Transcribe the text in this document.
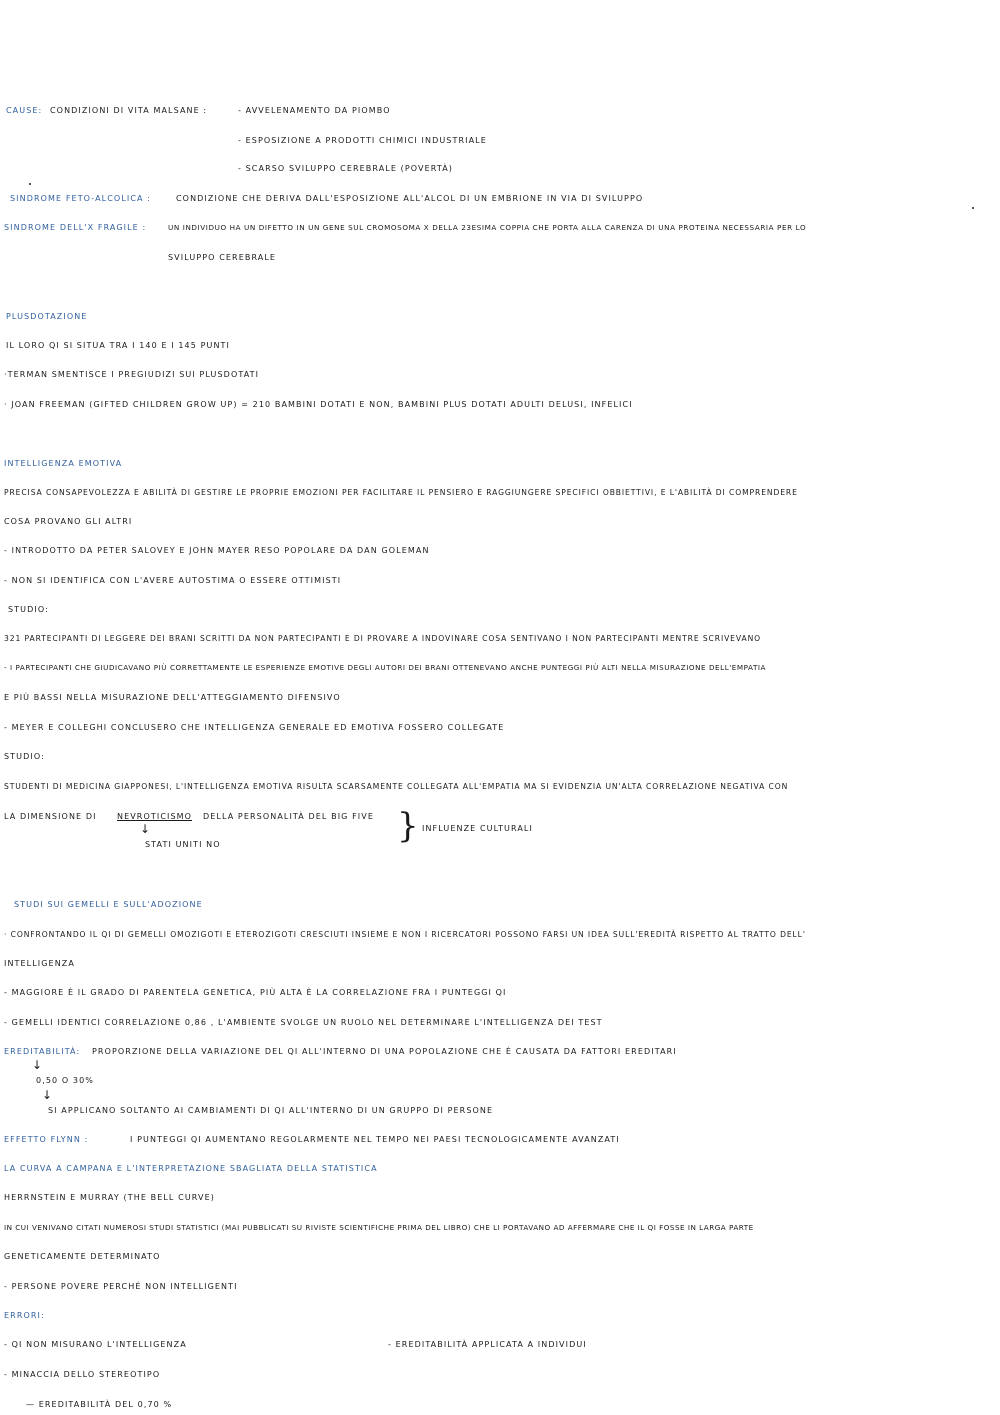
CAUSE: CONDIZIONI DI VITA MALSANE :	- AVVELENAMENTO DA PIOMBO
- ESPOSIZIONE A PRODOTTI CHIMICI INDUSTRIALE
- SCARSO SVILUPPO CEREBRALE (POVERTÀ)
SINDROME FETO-ALCOLICA :	CONDIZIONE CHE DERIVA DALL'ESPOSIZIONE ALL'ALCOL DI UN EMBRIONE IN VIA DI SVILUPPO
SINDROME DELL'X FRAGILE :	UN INDIVIDUO HA UN DIFETTO IN UN GENE SUL CROMOSOMA X DELLA 23ESIMA COPPIA CHE PORTA ALLA CARENZA DI UNA PROTEINA NECESSARIA PER LO
SVILUPPO CEREBRALE
PLUSDOTAZIONE
IL LORO QI SI SITUA TRA I 140 E I 145 PUNTI
·TERMAN SMENTISCE I PREGIUDIZI SUI PLUSDOTATI
· JOAN FREEMAN (GIFTED CHILDREN GROW UP) = 210 BAMBINI DOTATI E NON, BAMBINI PLUS DOTATI ADULTI DELUSI, INFELICI
INTELLIGENZA EMOTIVA
PRECISA CONSAPEVOLEZZA E ABILITÀ DI GESTIRE LE PROPRIE EMOZIONI PER FACILITARE IL PENSIERO E RAGGIUNGERE SPECIFICI OBBIETTIVI, E L'ABILITÀ DI COMPRENDERE
COSA PROVANO GLI ALTRI
- INTRODOTTO DA PETER SALOVEY E JOHN MAYER RESO POPOLARE DA DAN GOLEMAN
- NON SI IDENTIFICA CON L'AVERE AUTOSTIMA O ESSERE OTTIMISTI
STUDIO:
321 PARTECIPANTI DI LEGGERE DEI BRANI SCRITTI DA NON PARTECIPANTI E DI PROVARE A INDOVINARE COSA SENTIVANO I NON PARTECIPANTI MENTRE SCRIVEVANO
- I PARTECIPANTI CHE GIUDICAVANO PIÙ CORRETTAMENTE LE ESPERIENZE EMOTIVE DEGLI AUTORI DEI BRANI OTTENEVANO ANCHE PUNTEGGI PIÙ ALTI NELLA MISURAZIONE DELL'EMPATIA
E PIÙ BASSI NELLA MISURAZIONE DELL'ATTEGGIAMENTO DIFENSIVO
- MEYER E COLLEGHI CONCLUSERO CHE INTELLIGENZA GENERALE ED EMOTIVA FOSSERO COLLEGATE
STUDIO:
STUDENTI DI MEDICINA GIAPPONESI, L'INTELLIGENZA EMOTIVA RISULTA SCARSAMENTE COLLEGATA ALL'EMPATIA MA SI EVIDENZIA UN'ALTA CORRELAZIONE NEGATIVA CON
LA DIMENSIONE DI	NEVROTICISMO DELLA PERSONALITÀ DEL BIG FIVE
↓
STATI UNITI NO	} INFLUENZE CULTURALI
STUDI SUI GEMELLI E SULL'ADOZIONE
· CONFRONTANDO IL QI DI GEMELLI OMOZIGOTI E ETEROZIGOTI CRESCIUTI INSIEME E NON I RICERCATORI POSSONO FARSI UN IDEA SULL'EREDITÀ RISPETTO AL TRATTO DELL'
INTELLIGENZA
- MAGGIORE È IL GRADO DI PARENTELA GENETICA, PIÙ ALTA È LA CORRELAZIONE FRA I PUNTEGGI QI
- GEMELLI IDENTICI CORRELAZIONE 0,86 , L'AMBIENTE SVOLGE UN RUOLO NEL DETERMINARE L'INTELLIGENZA DEI TEST
EREDITABILITÀ: PROPORZIONE DELLA VARIAZIONE DEL QI ALL'INTERNO DI UNA POPOLAZIONE CHE È CAUSATA DA FATTORI EREDITARI
↓
0,50 O 30%
↓
SI APPLICANO SOLTANTO AI CAMBIAMENTI DI QI ALL'INTERNO DI UN GRUPPO DI PERSONE
EFFETTO FLYNN :	I PUNTEGGI QI AUMENTANO REGOLARMENTE NEL TEMPO NEI PAESI TECNOLOGICAMENTE AVANZATI
LA CURVA A CAMPANA E L'INTERPRETAZIONE SBAGLIATA DELLA STATISTICA
HERRNSTEIN E MURRAY (THE BELL CURVE)
IN CUI VENIVANO CITATI NUMEROSI STUDI STATISTICI (MAI PUBBLICATI SU RIVISTE SCIENTIFICHE PRIMA DEL LIBRO) CHE LI PORTAVANO AD AFFERMARE CHE IL QI FOSSE IN LARGA PARTE
GENETICAMENTE DETERMINATO
- PERSONE POVERE PERCHÉ NON INTELLIGENTI
ERRORI:
- QI NON MISURANO L'INTELLIGENZA	- EREDITABILITÀ APPLICATA A INDIVIDUI
- MINACCIA DELLO STEREOTIPO
— EREDITABILITÀ DEL 0,70 %
